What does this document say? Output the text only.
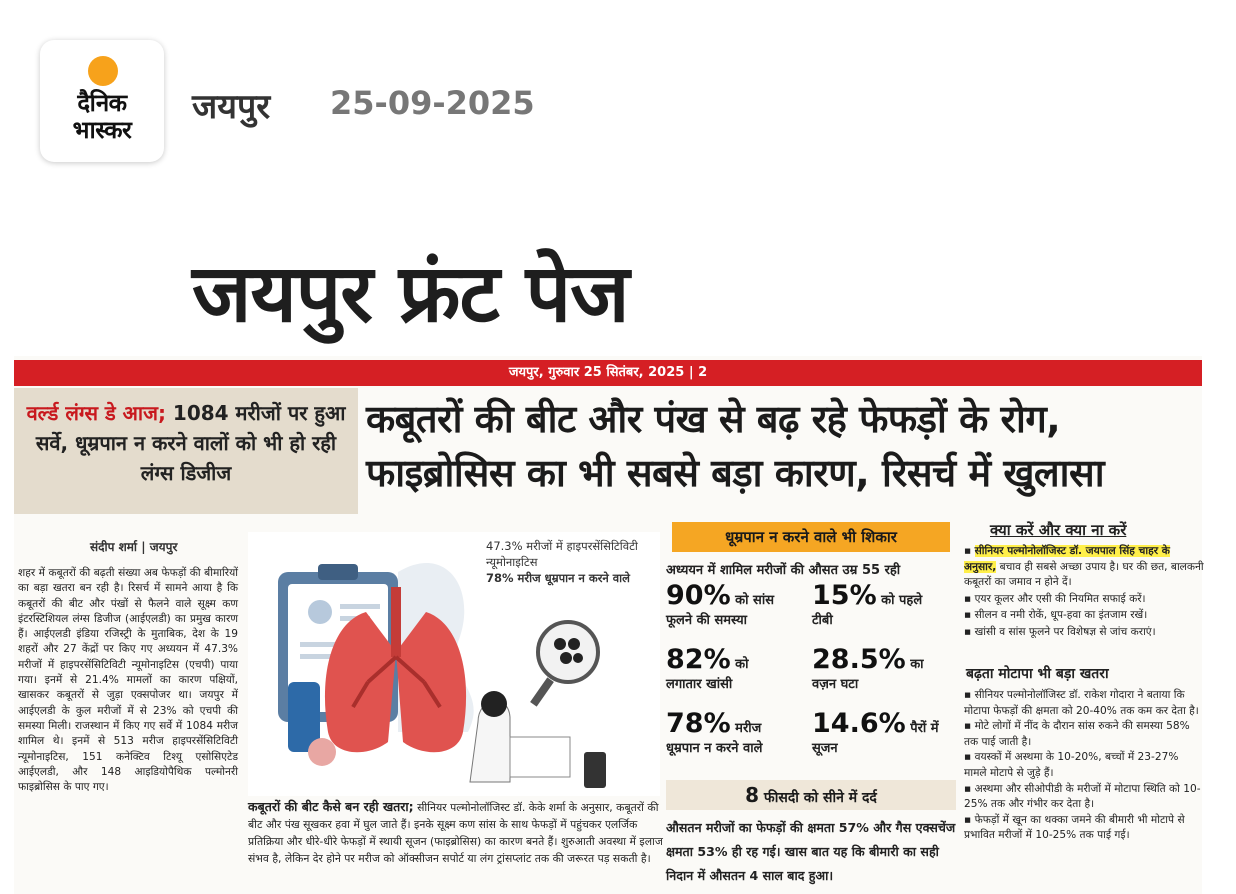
दैनिक
भास्कर
जयपुर 25-09-2025
जयपुर फ्रंट पेज
जयपुर, गुरुवार 25 सितंबर, 2025 | 2
वर्ल्ड लंग्स डे आज; 1084 मरीजों पर हुआ सर्वे, धूम्रपान न करने वालों को भी हो रही लंग्स डिजीज
कबूतरों की बीट और पंख से बढ़ रहे फेफड़ों के रोग,
फाइब्रोसिस का भी सबसे बड़ा कारण, रिसर्च में खुलासा
संदीप शर्मा | जयपुर
शहर में कबूतरों की बढ़ती संख्या अब फेफड़ों की बीमारियों का बड़ा खतरा बन रही है। रिसर्च में सामने आया है कि कबूतरों की बीट और पंखों से फैलने वाले सूक्ष्म कण इंटरस्टिशियल लंग्स डिजीज (आईएलडी) का प्रमुख कारण हैं। आईएलडी इंडिया रजिस्ट्री के मुताबिक, देश के 19 शहरों और 27 केंद्रों पर किए गए अध्ययन में 47.3% मरीजों में हाइपरसेंसिटिविटी न्यूमोनाइटिस (एचपी) पाया गया। इनमें से 21.4% मामलों का कारण पक्षियों, खासकर कबूतरों से जुड़ा एक्सपोजर था। जयपुर में आईएलडी के कुल मरीजों में से 23% को एचपी की समस्या मिली। राजस्थान में किए गए सर्वे में 1084 मरीज शामिल थे। इनमें से 513 मरीज हाइपरसेंसिटिविटी न्यूमोनाइटिस, 151 कनेक्टिव टिश्यू एसोसिएटेड आईएलडी, और 148 आइडियोपैथिक पल्मोनरी फाइब्रोसिस के पाए गए।
47.3% मरीजों में हाइपरसेंसिटिविटी न्यूमोनाइटिस
78% मरीज धूम्रपान न करने वाले
कबूतरों की बीट कैसे बन रही खतरा; सीनियर पल्मोनोलॉजिस्ट डॉ. केके शर्मा के अनुसार, कबूतरों की बीट और पंख सूखकर हवा में घुल जाते हैं। इनके सूक्ष्म कण सांस के साथ फेफड़ों में पहुंचकर एलर्जिक प्रतिक्रिया और धीरे-धीरे फेफड़ों में स्थायी सूजन (फाइब्रोसिस) का कारण बनते हैं। शुरुआती अवस्था में इलाज संभव है, लेकिन देर होने पर मरीज को ऑक्सीजन सपोर्ट या लंग ट्रांसप्लांट तक की जरूरत पड़ सकती है।
धूम्रपान न करने वाले भी शिकार
अध्ययन में शामिल मरीजों की औसत उम्र 55 रही
90% को सांस
फूलने की समस्या
15% को पहले
टीबी
82% को
लगातार खांसी
28.5% का
वज़न घटा
78% मरीज
धूम्रपान न करने वाले
14.6% पैरों में
सूजन
8 फीसदी को सीने में दर्द
औसतन मरीजों का फेफड़ों की क्षमता 57% और गैस एक्सचेंज क्षमता 53% ही रह गई। खास बात यह कि बीमारी का सही निदान में औसतन 4 साल बाद हुआ।
क्या करें और क्या ना करें

▪ सीनियर पल्मोनोलॉजिस्ट डॉ. जयपाल सिंह चाहर के अनुसार, बचाव ही सबसे अच्छा उपाय है। घर की छत, बालकनी कबूतरों का जमाव न होने दें।

▪ एयर कूलर और एसी की नियमित सफाई करें।

▪ सीलन व नमी रोकें, धूप-हवा का इंतजाम रखें।

▪ खांसी व सांस फूलने पर विशेषज्ञ से जांच कराएं।

बढ़ता मोटापा भी बड़ा खतरा

▪ सीनियर पल्मोनोलॉजिस्ट डॉ. राकेश गोदारा ने बताया कि मोटापा फेफड़ों की क्षमता को 20-40% तक कम कर देता है।

▪ मोटे लोगों में नींद के दौरान सांस रुकने की समस्या 58% तक पाई जाती है।

▪ वयस्कों में अस्थमा के 10-20%, बच्चों में 23-27% मामले मोटापे से जुड़े हैं।

▪ अस्थमा और सीओपीडी के मरीजों में मोटापा स्थिति को 10-25% तक और गंभीर कर देता है।

▪ फेफड़ों में खून का थक्का जमने की बीमारी भी मोटापे से प्रभावित मरीजों में 10-25% तक पाई गई।
